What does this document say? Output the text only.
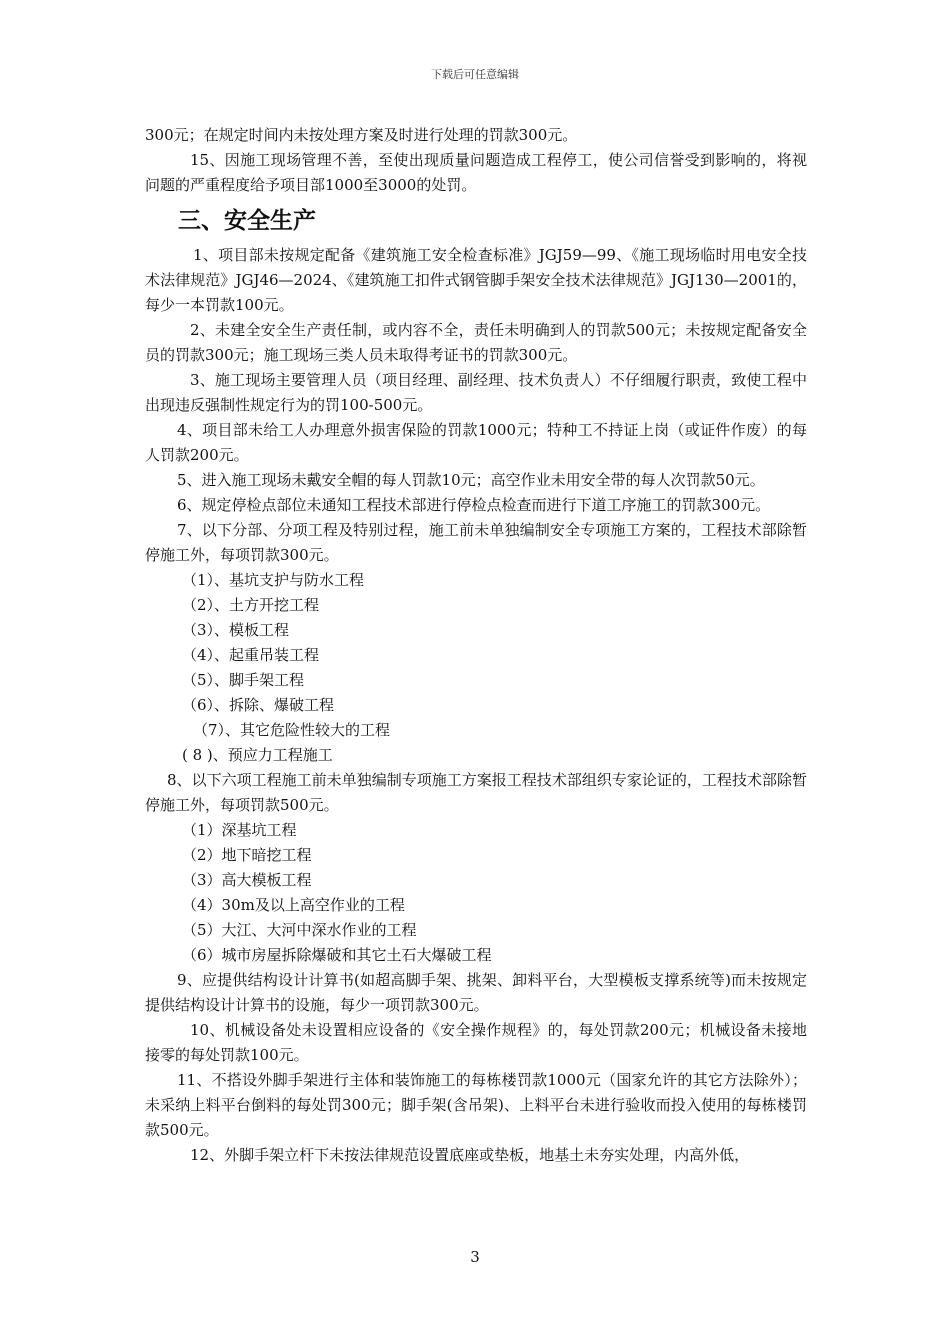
下载后可任意编辑

300元；在规定时间内未按处理方案及时进行处理的罚款300元。

15、因施工现场管理不善，至使出现质量问题造成工程停工，使公司信誉受到影响的，将视问题的严重程度给予项目部1000至3000的处罚。

三、安全生产

1、项目部未按规定配备《建筑施工安全检查标准》JGJ59—99、《施工现场临时用电安全技术法律规范》JGJ46—2024、《建筑施工扣件式钢管脚手架安全技术法律规范》JGJ130—2001的，每少一本罚款100元。

2、未建全安全生产责任制，或内容不全，责任未明确到人的罚款500元；未按规定配备安全员的罚款300元；施工现场三类人员未取得考证书的罚款300元。

3、施工现场主要管理人员（项目经理、副经理、技术负责人）不仔细履行职责，致使工程中出现违反强制性规定行为的罚100-500元。

4、项目部未给工人办理意外损害保险的罚款1000元；特种工不持证上岗（或证件作废）的每人罚款200元。

5、进入施工现场未戴安全帽的每人罚款10元；高空作业未用安全带的每人次罚款50元。

6、规定停检点部位未通知工程技术部进行停检点检查而进行下道工序施工的罚款300元。

7、以下分部、分项工程及特别过程，施工前未单独编制安全专项施工方案的，工程技术部除暂停施工外，每项罚款300元。

（1）、基坑支护与防水工程

（2）、土方开挖工程

（3）、模板工程

（4）、起重吊装工程

（5）、脚手架工程

（6）、拆除、爆破工程

（7）、其它危险性较大的工程

( 8 )、预应力工程施工

8、以下六项工程施工前未单独编制专项施工方案报工程技术部组织专家论证的，工程技术部除暂停施工外，每项罚款500元。

（1）深基坑工程

（2）地下暗挖工程

（3）高大模板工程

（4）30m及以上高空作业的工程

（5）大江、大河中深水作业的工程

（6）城市房屋拆除爆破和其它土石大爆破工程

9、应提供结构设计计算书(如超高脚手架、挑架、卸料平台，大型模板支撑系统等)而未按规定提供结构设计计算书的设施，每少一项罚款300元。

10、机械设备处未设置相应设备的《安全操作规程》的，每处罚款200元；机械设备未接地接零的每处罚款100元。

11、不搭设外脚手架进行主体和装饰施工的每栋楼罚款1000元（国家允许的其它方法除外）；未采纳上料平台倒料的每处罚300元；脚手架(含吊架)、上料平台未进行验收而投入使用的每栋楼罚款500元。

12、外脚手架立杆下未按法律规范设置底座或垫板，地基土未夯实处理，内高外低，

3
